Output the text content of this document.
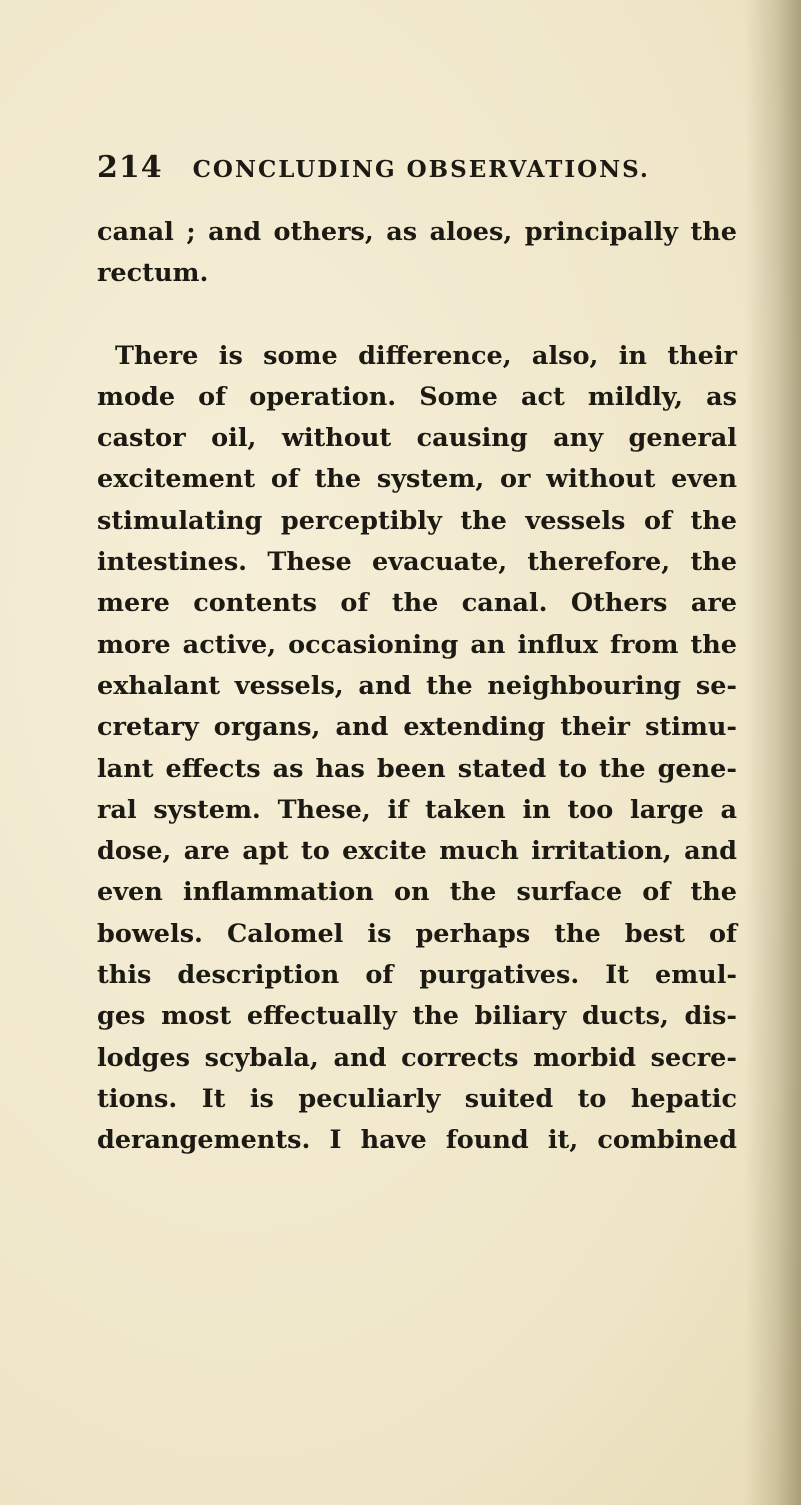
214 CONCLUDING OBSERVATIONS.
canal ; and others, as aloes, principally the
rectum.
There is some difference, also, in their
mode of operation. Some act mildly, as
castor oil, without causing any general
excitement of the system, or without even
stimulating perceptibly the vessels of the
intestines. These evacuate, therefore, the
mere contents of the canal. Others are
more active, occasioning an influx from the
exhalant vessels, and the neighbouring se-
cretary organs, and extending their stimu-
lant effects as has been stated to the gene-
ral system. These, if taken in too large a
dose, are apt to excite much irritation, and
even inflammation on the surface of the
bowels. Calomel is perhaps the best of
this description of purgatives. It emul-
ges most effectually the biliary ducts, dis-
lodges scybala, and corrects morbid secre-
tions. It is peculiarly suited to hepatic
derangements. I have found it, combined
